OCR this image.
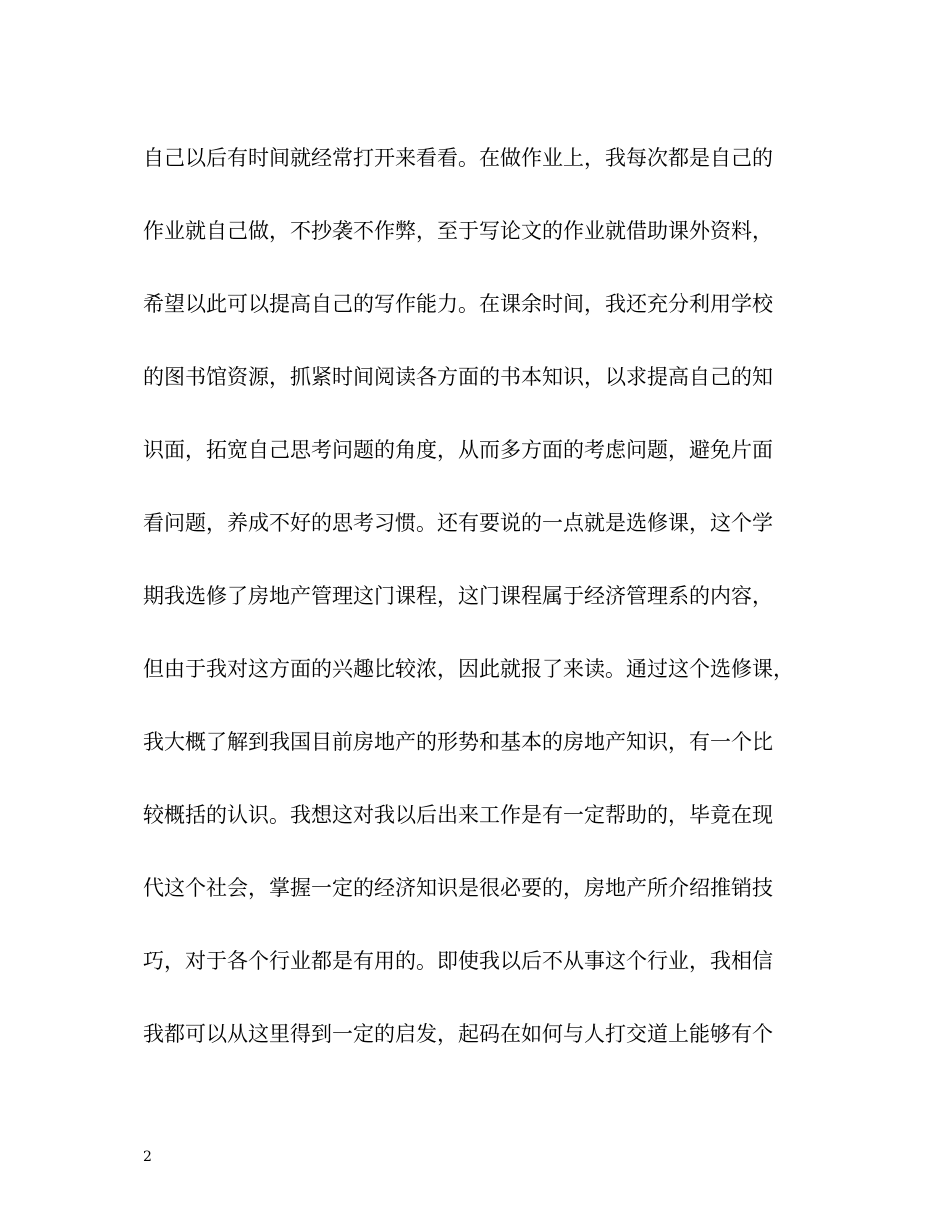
自己以后有时间就经常打开来看看。在做作业上，我每次都是自己的
作业就自己做，不抄袭不作弊，至于写论文的作业就借助课外资料，
希望以此可以提高自己的写作能力。在课余时间，我还充分利用学校
的图书馆资源，抓紧时间阅读各方面的书本知识，以求提高自己的知
识面，拓宽自己思考问题的角度，从而多方面的考虑问题，避免片面
看问题，养成不好的思考习惯。还有要说的一点就是选修课，这个学
期我选修了房地产管理这门课程，这门课程属于经济管理系的内容，
但由于我对这方面的兴趣比较浓，因此就报了来读。通过这个选修课，
我大概了解到我国目前房地产的形势和基本的房地产知识，有一个比
较概括的认识。我想这对我以后出来工作是有一定帮助的，毕竟在现
代这个社会，掌握一定的经济知识是很必要的，房地产所介绍推销技
巧，对于各个行业都是有用的。即使我以后不从事这个行业，我相信
我都可以从这里得到一定的启发，起码在如何与人打交道上能够有个
2
